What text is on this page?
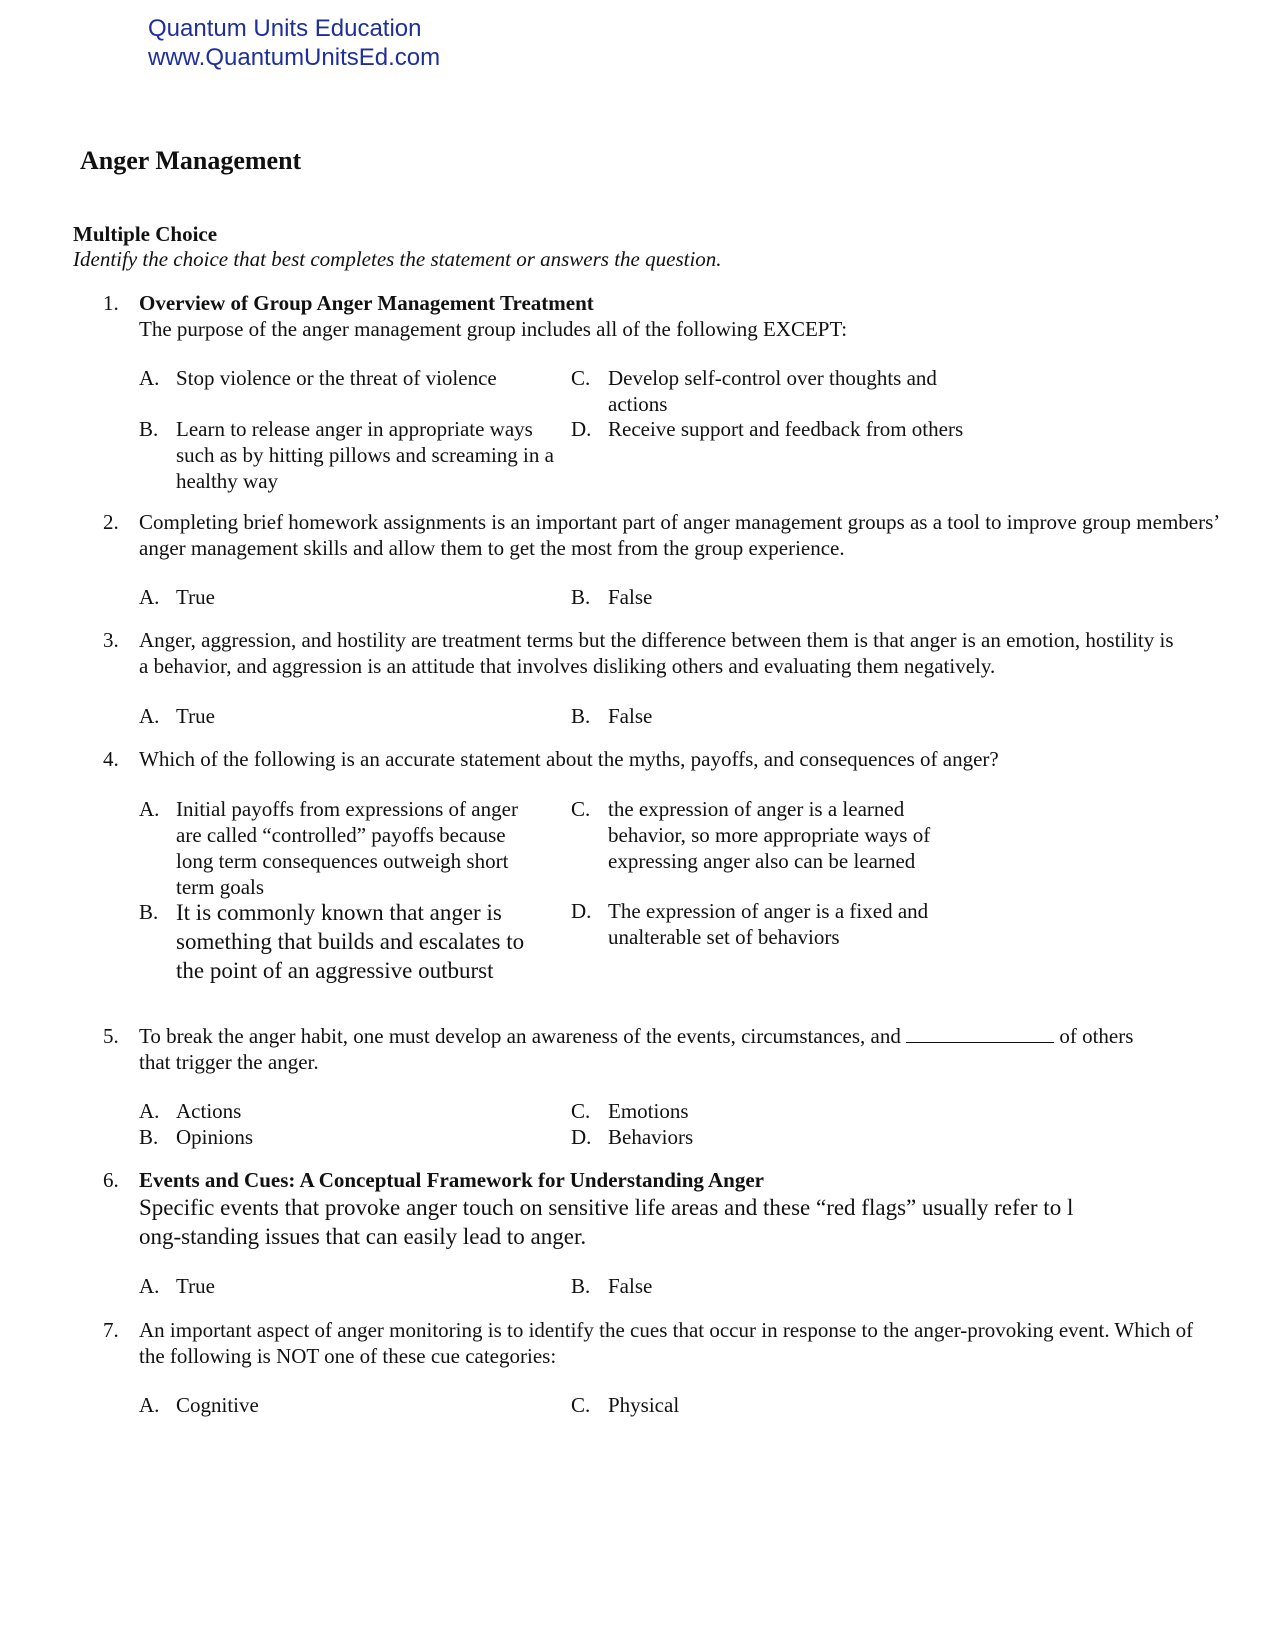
Quantum Units Education
www.QuantumUnitsEd.com
Anger Management
Multiple Choice
Identify the choice that best completes the statement or answers the question.
1. Overview of Group Anger Management Treatment
The purpose of the anger management group includes all of the following EXCEPT:
A. Stop violence or the threat of violence	C. Develop self-control over thoughts and actions
B. Learn to release anger in appropriate ways such as by hitting pillows and screaming in a healthy way
D. Receive support and feedback from others
2. Completing brief homework assignments is an important part of anger management groups as a tool to improve group members’ anger management skills and allow them to get the most from the group experience.
A. True	B. False
3. Anger, aggression, and hostility are treatment terms but the difference between them is that anger is an emotion, hostility is a behavior, and aggression is an attitude that involves disliking others and evaluating them negatively.
A. True	B. False
4. Which of the following is an accurate statement about the myths, payoffs, and consequences of anger?
A. Initial payoffs from expressions of anger are called “controlled” payoffs because long term consequences outweigh short term goals
C. the expression of anger is a learned behavior, so more appropriate ways of expressing anger also can be learned
B. It is commonly known that anger is something that builds and escalates to the point of an aggressive outburst
D. The expression of anger is a fixed and unalterable set of behaviors
5. To break the anger habit, one must develop an awareness of the events, circumstances, and	of others
that trigger the anger.
A. Actions	C. Emotions
B. Opinions	D. Behaviors
6. Events and Cues: A Conceptual Framework for Understanding Anger
Specific events that provoke anger touch on sensitive life areas and these “red flags” usually refer to l
ong-standing issues that can easily lead to anger.
A. True	B. False
7. An important aspect of anger monitoring is to identify the cues that occur in response to the anger-provoking event. Which of the following is NOT one of these cue categories:
A. Cognitive	C. Physical
